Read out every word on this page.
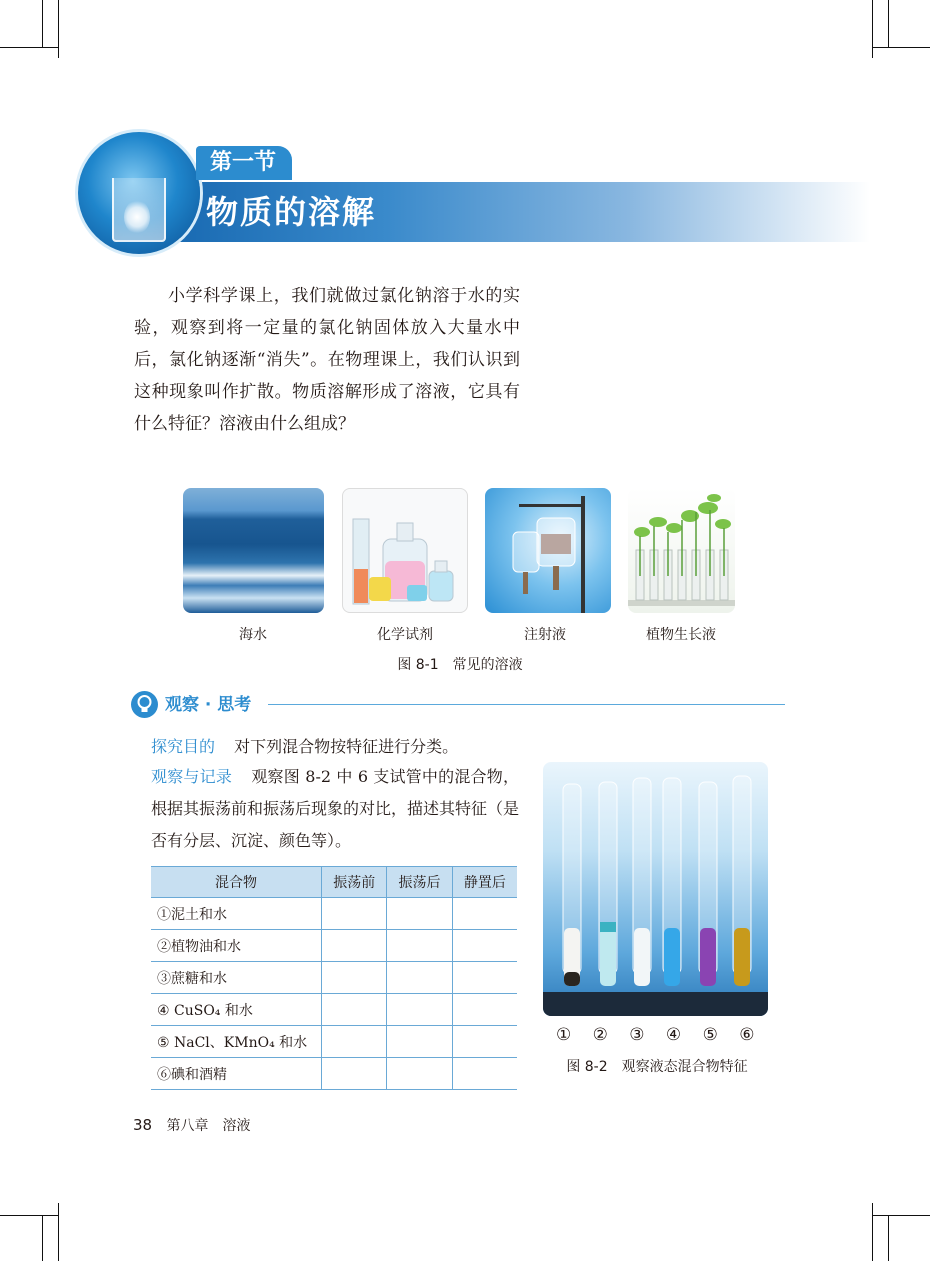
第一节
物质的溶解

小学科学课上，我们就做过氯化钠溶于水的实验，观察到将一定量的氯化钠固体放入大量水中后，氯化钠逐渐“消失”。在物理课上，我们认识到这种现象叫作扩散。物质溶解形成了溶液，它具有什么特征？溶液由什么组成？

海水	化学试剂	注射液	植物生长液
图 8-1　常见的溶液
观察 · 思考
探究目的 对下列混合物按特征进行分类。
观察与记录 观察图 8-2 中 6 支试管中的混合物，根据其振荡前和振荡后现象的对比，描述其特征（是否有分层、沉淀、颜色等）。
混合物	振荡前	振荡后	静置后
①泥土和水			
②植物油和水			
③蔗糖和水			
④ CuSO₄ 和水			
⑤ NaCl、KMnO₄ 和水			
⑥碘和酒精			
① ② ③ ④ ⑤ ⑥
图 8-2　观察液态混合物特征
38 第八章　溶液
